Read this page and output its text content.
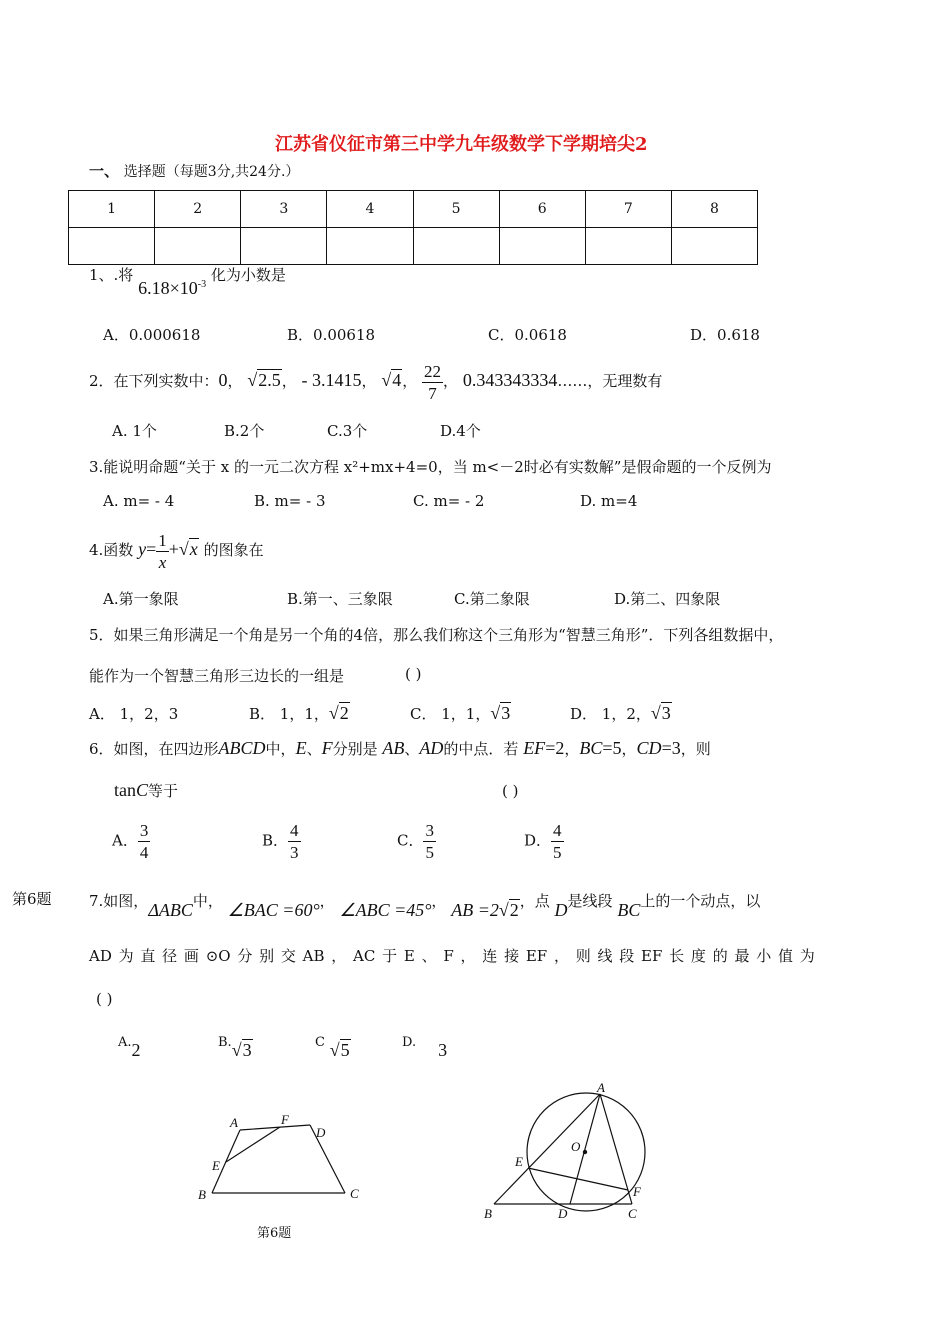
江苏省仪征市第三中学九年级数学下学期培尖2
一、 选择题（每题3分,共24分.）
1	2	3	4	5	6	7	8

1、.将 $6.18\times 10^{-3}$ 化为小数是
A．0.000618	B．0.00618	C．0.0618	D．0.618
2．在下列实数中：0， √2.5， - 3.1415， √4， $\frac{22}{7}$ ， 0.343343334……，无理数有
A. 1个	B.2个	C.3个	D.4个
3.能说明命题“关于 x 的一元二次方程 x²+mx+4=0，当 m<－2时必有实数解”是假命题的一个反例为
A. m= - 4	B. m= - 3	C. m= - 2	D. m=4
4.函数 $y= \frac{1}{x} +√x$ 的图象在
A.第一象限	B.第一、三象限	C.第二象限	D.第二、四象限
5．如果三角形满足一个角是另一个角的4倍，那么我们称这个三角形为“智慧三角形”．下列各组数据中，
能作为一个智慧三角形三边长的一组是	( )
A． 1，2，3	B． 1，1，√2	C． 1，1，√3	D． 1，2，√3
6．如图，在四边形ABCD中，E、F分别是 AB、AD的中点．若 EF=2，BC=5，CD=3，则
tanC等于	( )
A． $\frac{3}{4}$	B． $\frac{4}{3}$	C． $\frac{3}{5}$	D． $\frac{4}{5}$
第6题 7.如图，ΔABC中， ∠BAC =60°， ∠ABC =45°， AB =2√2，点 D是线段 BC上的一个动点，以
AD 为 直 径 画 ⊙O 分 别 交 AB ， AC 于 E 、 F ， 连 接 EF ， 则 线 段 EF 长 度 的 最 小 值 为
( )
A.2	B.√3	C √5	D. 3
A	F
D
E
B	C
第6题
A
O
E
F
B	D	C
